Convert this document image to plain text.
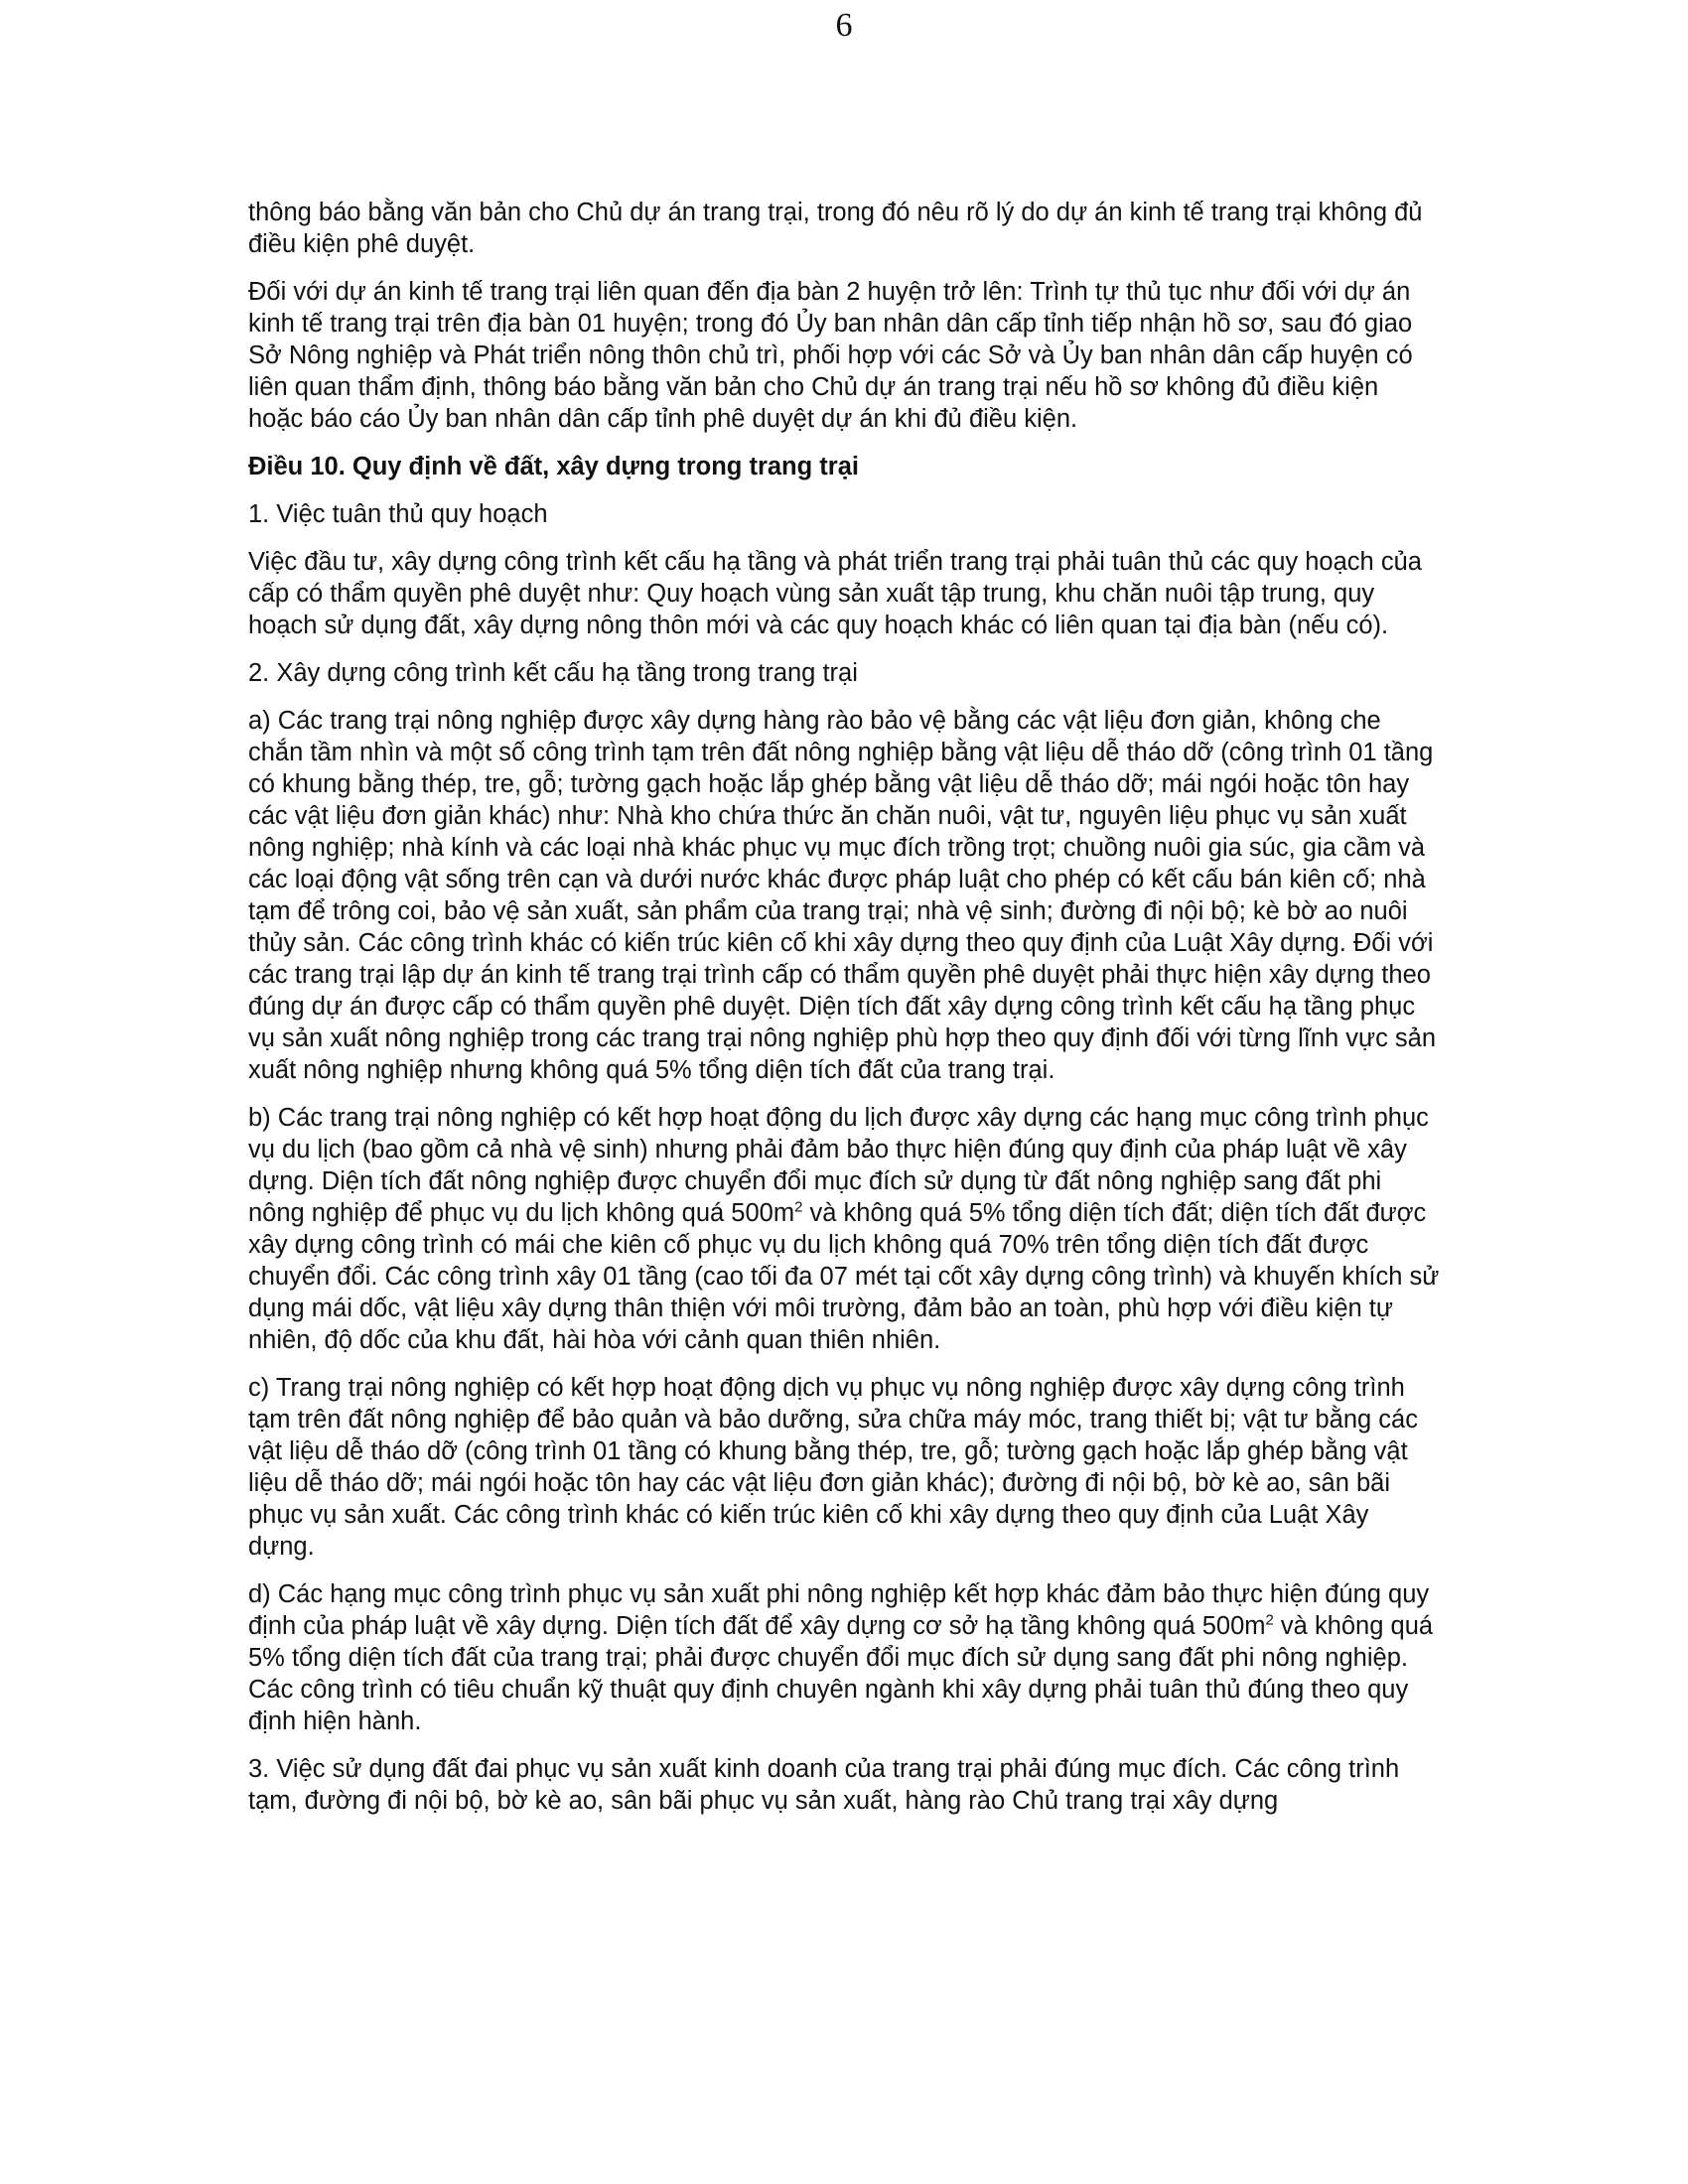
6

thông báo bằng văn bản cho Chủ dự án trang trại, trong đó nêu rõ lý do dự án kinh tế trang trại không đủ điều kiện phê duyệt.

Đối với dự án kinh tế trang trại liên quan đến địa bàn 2 huyện trở lên: Trình tự thủ tục như đối với dự án kinh tế trang trại trên địa bàn 01 huyện; trong đó Ủy ban nhân dân cấp tỉnh tiếp nhận hồ sơ, sau đó giao Sở Nông nghiệp và Phát triển nông thôn chủ trì, phối hợp với các Sở và Ủy ban nhân dân cấp huyện có liên quan thẩm định, thông báo bằng văn bản cho Chủ dự án trang trại nếu hồ sơ không đủ điều kiện hoặc báo cáo Ủy ban nhân dân cấp tỉnh phê duyệt dự án khi đủ điều kiện.

Điều 10. Quy định về đất, xây dựng trong trang trại

1. Việc tuân thủ quy hoạch

Việc đầu tư, xây dựng công trình kết cấu hạ tầng và phát triển trang trại phải tuân thủ các quy hoạch của cấp có thẩm quyền phê duyệt như: Quy hoạch vùng sản xuất tập trung, khu chăn nuôi tập trung, quy hoạch sử dụng đất, xây dựng nông thôn mới và các quy hoạch khác có liên quan tại địa bàn (nếu có).

2. Xây dựng công trình kết cấu hạ tầng trong trang trại

a) Các trang trại nông nghiệp được xây dựng hàng rào bảo vệ bằng các vật liệu đơn giản, không che chắn tầm nhìn và một số công trình tạm trên đất nông nghiệp bằng vật liệu dễ tháo dỡ (công trình 01 tầng có khung bằng thép, tre, gỗ; tường gạch hoặc lắp ghép bằng vật liệu dễ tháo dỡ; mái ngói hoặc tôn hay các vật liệu đơn giản khác) như: Nhà kho chứa thức ăn chăn nuôi, vật tư, nguyên liệu phục vụ sản xuất nông nghiệp; nhà kính và các loại nhà khác phục vụ mục đích trồng trọt; chuồng nuôi gia súc, gia cầm và các loại động vật sống trên cạn và dưới nước khác được pháp luật cho phép có kết cấu bán kiên cố; nhà tạm để trông coi, bảo vệ sản xuất, sản phẩm của trang trại; nhà vệ sinh; đường đi nội bộ; kè bờ ao nuôi thủy sản. Các công trình khác có kiến trúc kiên cố khi xây dựng theo quy định của Luật Xây dựng. Đối với các trang trại lập dự án kinh tế trang trại trình cấp có thẩm quyền phê duyệt phải thực hiện xây dựng theo đúng dự án được cấp có thẩm quyền phê duyệt. Diện tích đất xây dựng công trình kết cấu hạ tầng phục vụ sản xuất nông nghiệp trong các trang trại nông nghiệp phù hợp theo quy định đối với từng lĩnh vực sản xuất nông nghiệp nhưng không quá 5% tổng diện tích đất của trang trại.

b) Các trang trại nông nghiệp có kết hợp hoạt động du lịch được xây dựng các hạng mục công trình phục vụ du lịch (bao gồm cả nhà vệ sinh) nhưng phải đảm bảo thực hiện đúng quy định của pháp luật về xây dựng. Diện tích đất nông nghiệp được chuyển đổi mục đích sử dụng từ đất nông nghiệp sang đất phi nông nghiệp để phục vụ du lịch không quá $500m^2$ và không quá 5% tổng diện tích đất; diện tích đất được xây dựng công trình có mái che kiên cố phục vụ du lịch không quá 70% trên tổng diện tích đất được chuyển đổi. Các công trình xây 01 tầng (cao tối đa 07 mét tại cốt xây dựng công trình) và khuyến khích sử dụng mái dốc, vật liệu xây dựng thân thiện với môi trường, đảm bảo an toàn, phù hợp với điều kiện tự nhiên, độ dốc của khu đất, hài hòa với cảnh quan thiên nhiên.

c) Trang trại nông nghiệp có kết hợp hoạt động dịch vụ phục vụ nông nghiệp được xây dựng công trình tạm trên đất nông nghiệp để bảo quản và bảo dưỡng, sửa chữa máy móc, trang thiết bị; vật tư bằng các vật liệu dễ tháo dỡ (công trình 01 tầng có khung bằng thép, tre, gỗ; tường gạch hoặc lắp ghép bằng vật liệu dễ tháo dỡ; mái ngói hoặc tôn hay các vật liệu đơn giản khác); đường đi nội bộ, bờ kè ao, sân bãi phục vụ sản xuất. Các công trình khác có kiến trúc kiên cố khi xây dựng theo quy định của Luật Xây dựng.

d) Các hạng mục công trình phục vụ sản xuất phi nông nghiệp kết hợp khác đảm bảo thực hiện đúng quy định của pháp luật về xây dựng. Diện tích đất để xây dựng cơ sở hạ tầng không quá $500m^2$ và không quá 5% tổng diện tích đất của trang trại; phải được chuyển đổi mục đích sử dụng sang đất phi nông nghiệp. Các công trình có tiêu chuẩn kỹ thuật quy định chuyên ngành khi xây dựng phải tuân thủ đúng theo quy định hiện hành.

3. Việc sử dụng đất đai phục vụ sản xuất kinh doanh của trang trại phải đúng mục đích. Các công trình tạm, đường đi nội bộ, bờ kè ao, sân bãi phục vụ sản xuất, hàng rào Chủ trang trại xây dựng
